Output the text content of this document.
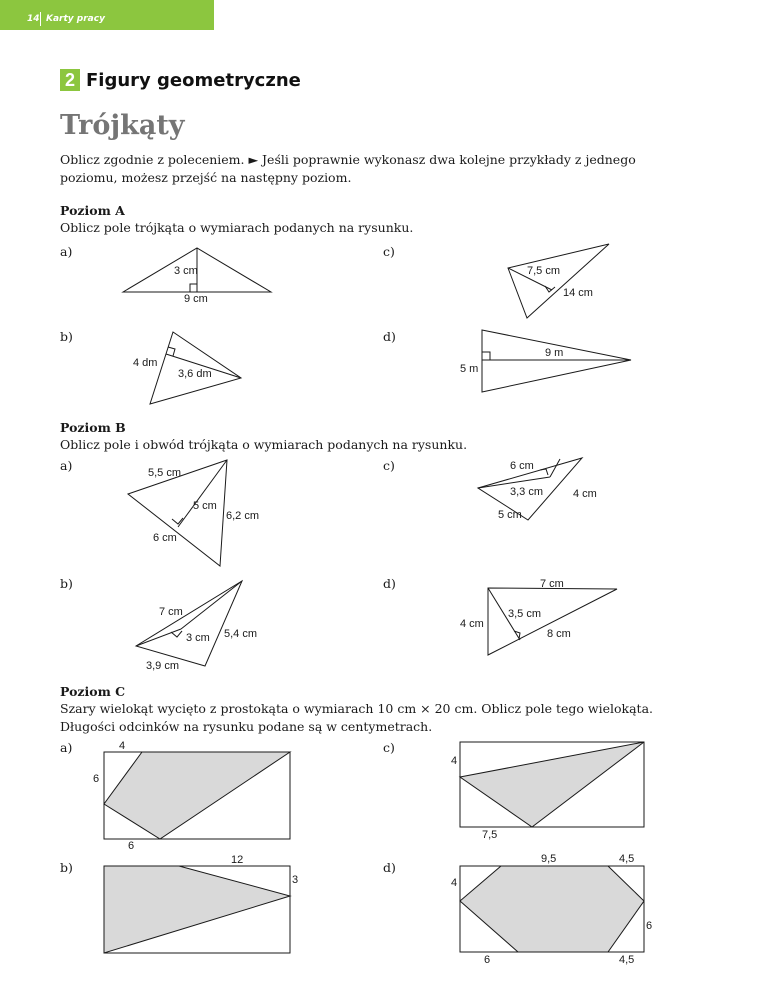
14 Karty pracy
2 Figury geometryczne
Trójkąty
Oblicz zgodnie z poleceniem. ► Jeśli poprawnie wykonasz dwa kolejne przykłady z jednego poziomu, możesz przejść na następny poziom.
Poziom A
Oblicz pole trójkąta o wymiarach podanych na rysunku.
a)
b)
c)
d)
Poziom B
Oblicz pole i obwód trójkąta o wymiarach podanych na rysunku.
a)
b)
c)
d)
Poziom C
Szary wielokąt wycięto z prostokąta o wymiarach 10 cm × 20 cm. Oblicz pole tego wielokąta. Długości odcinków na rysunku podane są w centymetrach.
a)
b)
c)
d)
3 cm
9 cm
4 dm
3,6 dm
7,5 cm
14 cm
9 m
5 m
5,5 cm
5 cm
6,2 cm
6 cm
7 cm
3 cm 5,4 cm
3,9 cm
6 cm
3,3 cm	4 cm
5 cm
7 cm
3,5 cm
4 cm
8 cm
4
6
6
12
3
4
7,5
9,5	4,5
4
6
6	4,5
